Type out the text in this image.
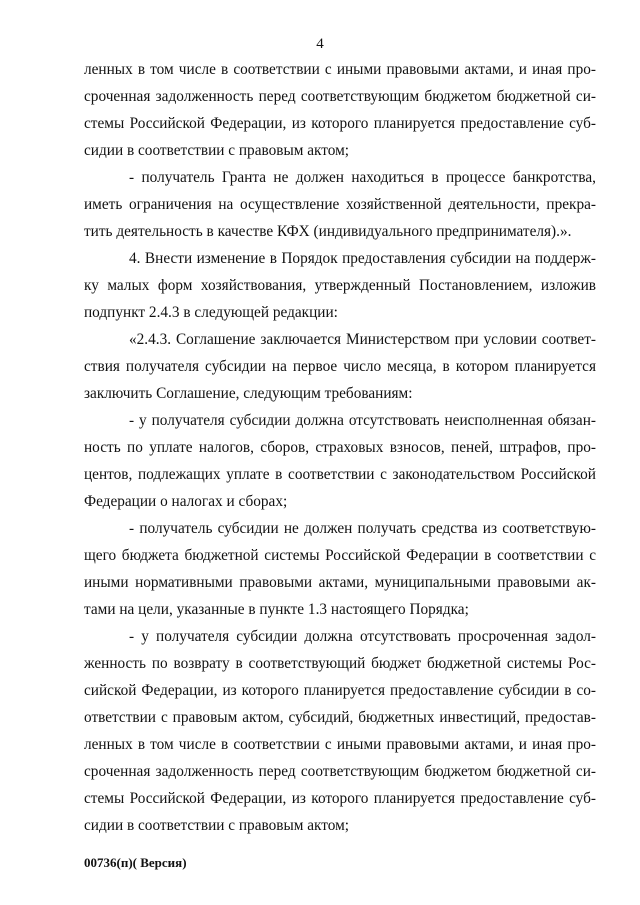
4
ленных в том числе в соответствии с иными правовыми актами, и иная про-
сроченная задолженность перед соответствующим бюджетом бюджетной си-
стемы Российской Федерации, из которого планируется предоставление суб-
сидии в соответствии с правовым актом;
- получатель Гранта не должен находиться в процессе банкротства,
иметь ограничения на осуществление хозяйственной деятельности, прекра-
тить деятельность в качестве КФХ (индивидуального предпринимателя).».
4. Внести изменение в Порядок предоставления субсидии на поддерж-
ку малых форм хозяйствования, утвержденный Постановлением, изложив
подпункт 2.4.3 в следующей редакции:
«2.4.3. Соглашение заключается Министерством при условии соответ-
ствия получателя субсидии на первое число месяца, в котором планируется
заключить Соглашение, следующим требованиям:
- у получателя субсидии должна отсутствовать неисполненная обязан-
ность по уплате налогов, сборов, страховых взносов, пеней, штрафов, про-
центов, подлежащих уплате в соответствии с законодательством Российской
Федерации о налогах и сборах;
- получатель субсидии не должен получать средства из соответствую-
щего бюджета бюджетной системы Российской Федерации в соответствии с
иными нормативными правовыми актами, муниципальными правовыми ак-
тами на цели, указанные в пункте 1.3 настоящего Порядка;
- у получателя субсидии должна отсутствовать просроченная задол-
женность по возврату в соответствующий бюджет бюджетной системы Рос-
сийской Федерации, из которого планируется предоставление субсидии в со-
ответствии с правовым актом, субсидий, бюджетных инвестиций, предостав-
ленных в том числе в соответствии с иными правовыми актами, и иная про-
сроченная задолженность перед соответствующим бюджетом бюджетной си-
стемы Российской Федерации, из которого планируется предоставление суб-
сидии в соответствии с правовым актом;
00736(п)( Версия)
